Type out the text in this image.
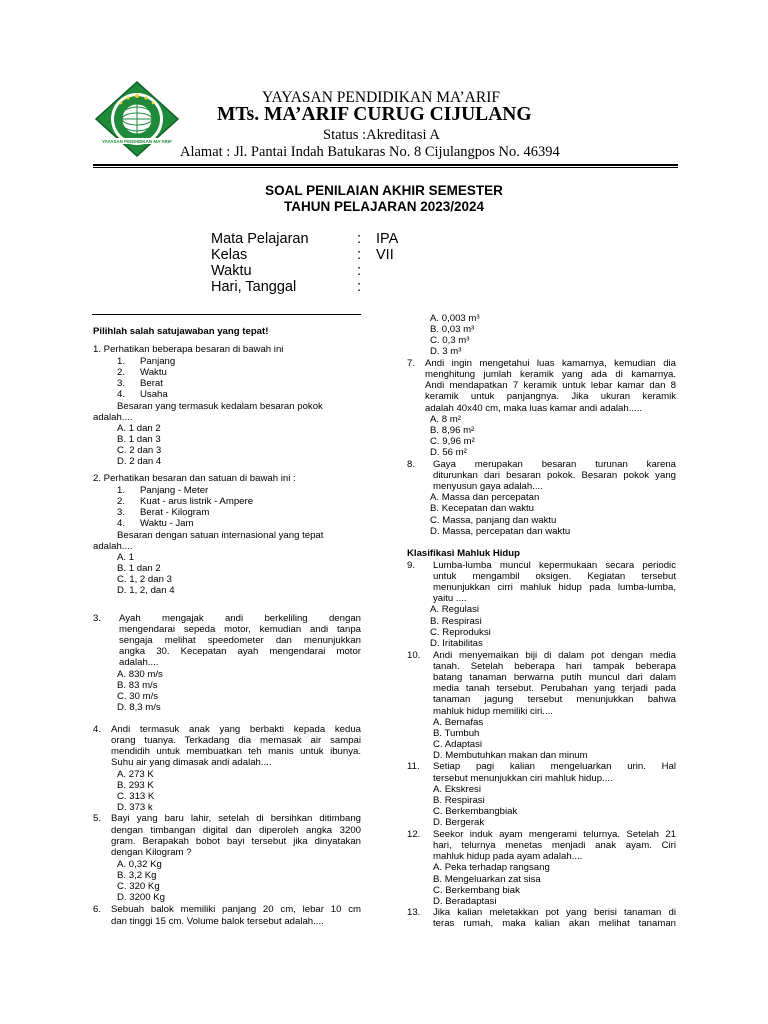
YAYASAN PENDIDIKAN MA'ARIF
YAYASAN PENDIDIKAN MA’ARIF
MTs. MA’ARIF CURUG CIJULANG
Status :Akreditasi A
Alamat : Jl. Pantai Indah Batukaras No. 8 Cijulangpos No. 46394
SOAL PENILAIAN AKHIR SEMESTER
TAHUN PELAJARAN 2023/2024
Mata Pelajaran	: IPA
Kelas	: VII
Waktu	:
Hari, Tanggal	:
Pilihlah salah satujawaban yang tepat!
1. Perhatikan beberapa besaran di bawah ini
1. Panjang
2. Waktu
3. Berat
4. Usaha
Besaran yang termasuk kedalam besaran pokok
adalah....
A. 1 dan 2
B. 1 dan 3
C. 2 dan 3
D. 2 dan 4
2. Perhatikan besaran dan satuan di bawah ini :
1. Panjang - Meter
2. Kuat - arus listrik - Ampere
3. Berat - Kilogram
4. Waktu - Jam
Besaran dengan satuan internasional yang tepat
adalah....
A. 1
B. 1 dan 2
C. 1, 2 dan 3
D. 1, 2, dan 4
3. Ayah mengajak andi berkeliling dengan
mengendarai sepeda motor, kemudian andi tanpa
sengaja melihat speedometer dan menunjukkan
angka 30. Kecepatan ayah mengendarai motor
adalah....
A. 830 m/s
B. 83 m/s
C. 30 m/s
D. 8,3 m/s
4. Andi termasuk anak yang berbakti kepada kedua
orang tuanya. Terkadang dia memasak air sampai
mendidih untuk membuatkan teh manis untuk ibunya.
Suhu air yang dimasak andi adalah....
A. 273 K
B. 293 K
C. 313 K
D. 373 k
5. Bayi yang baru lahir, setelah di bersihkan ditimbang
dengan timbangan digital dan diperoleh angka 3200
gram. Berapakah bobot bayi tersebut jika dinyatakan
dengan Kilogram ?
A. 0,32 Kg
B. 3,2 Kg
C. 320 Kg
D. 3200 Kg
6. Sebuah balok memiliki panjang 20 cm, lebar 10 cm
dan tinggi 15 cm. Volume balok tersebut adalah....
A. 0,003 m³
B. 0,03 m³
C. 0,3 m³
D. 3 m³
7. Andi ingin mengetahui luas kamarnya, kemudian dia
menghitung jumlah keramik yang ada di kamarnya.
Andi mendapatkan 7 keramik untuk lebar kamar dan 8
keramik untuk panjangnya. Jika ukuran keramik
adalah 40x40 cm, maka luas kamar andi adalah.....
A. 8 m²
B. 8,96 m²
C. 9,96 m²
D. 56 m²
8. Gaya merupakan besaran turunan karena
diturunkan dari besaran pokok. Besaran pokok yang
menyusun gaya adalah....
A. Massa dan percepatan
B. Kecepatan dan waktu
C. Massa, panjang dan waktu
D. Massa, percepatan dan waktu
Klasifikasi Mahluk Hidup
9. Lumba-lumba muncul kepermukaan secara periodic
untuk mengambil oksigen. Kegiatan tersebut
menunjukkan cirri mahluk hidup pada lumba-lumba,
yaitu ....
A. Regulasi
B. Respirasi
C. Reproduksi
D. Iritabilitas
10. Andi menyemaikan biji di dalam pot dengan media
tanah. Setelah beberapa hari tampak beberapa
batang tanaman berwarna putih muncul dari dalam
media tanah tersebut. Perubahan yang terjadi pada
tanaman jagung tersebut menunjukkan bahwa
mahluk hidup memiliki ciri....
A. Bernafas
B. Tumbuh
C. Adaptasi
D. Membutuhkan makan dan minum
11. Setiap pagi kalian mengeluarkan urin. Hal
tersebut menunjukkan ciri mahluk hidup....
A. Ekskresi
B. Respirasi
C. Berkembangbiak
D. Bergerak
12. Seekor induk ayam mengerami telurnya. Setelah 21
hari, telurnya menetas menjadi anak ayam. Ciri
mahluk hidup pada ayam adalah....
A. Peka terhadap rangsang
B. Mengeluarkan zat sisa
C. Berkembang biak
D. Beradaptasi
13. Jika kalian meletakkan pot yang berisi tanaman di
teras rumah, maka kalian akan melihat tanaman
